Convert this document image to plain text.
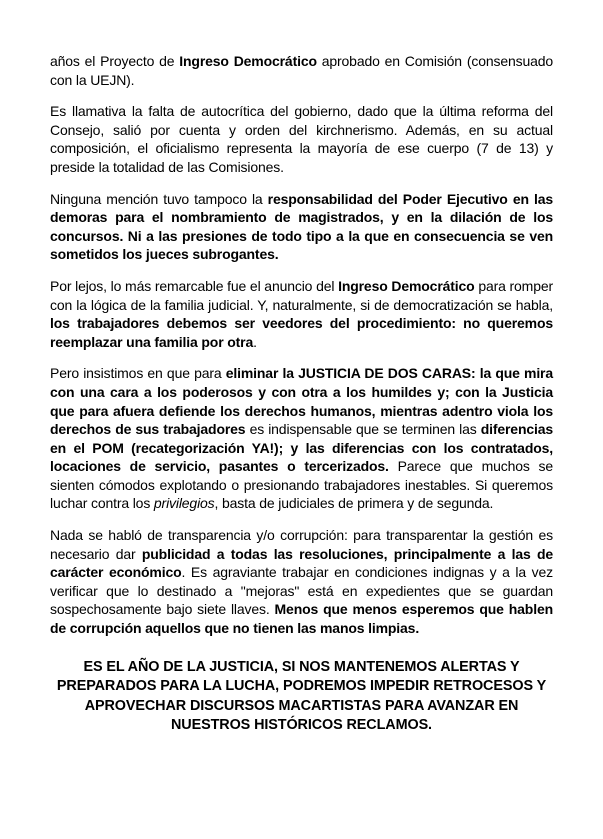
años el Proyecto de Ingreso Democrático aprobado en Comisión (consensuado con la UEJN).

Es llamativa la falta de autocrítica del gobierno, dado que la última reforma del Consejo, salió por cuenta y orden del kirchnerismo. Además, en su actual composición, el oficialismo representa la mayoría de ese cuerpo (7 de 13) y preside la totalidad de las Comisiones.

Ninguna mención tuvo tampoco la responsabilidad del Poder Ejecutivo en las demoras para el nombramiento de magistrados, y en la dilación de los concursos. Ni a las presiones de todo tipo a la que en consecuencia se ven sometidos los jueces subrogantes.

Por lejos, lo más remarcable fue el anuncio del Ingreso Democrático para romper con la lógica de la familia judicial. Y, naturalmente, si de democratización se habla, los trabajadores debemos ser veedores del procedimiento: no queremos reemplazar una familia por otra.

Pero insistimos en que para eliminar la JUSTICIA DE DOS CARAS: la que mira con una cara a los poderosos y con otra a los humildes y; con la Justicia que para afuera defiende los derechos humanos, mientras adentro viola los derechos de sus trabajadores es indispensable que se terminen las diferencias en el POM (recategorización YA!); y las diferencias con los contratados, locaciones de servicio, pasantes o tercerizados. Parece que muchos se sienten cómodos explotando o presionando trabajadores inestables. Si queremos luchar contra los privilegios, basta de judiciales de primera y de segunda.

Nada se habló de transparencia y/o corrupción: para transparentar la gestión es necesario dar publicidad a todas las resoluciones, principalmente a las de carácter económico. Es agraviante trabajar en condiciones indignas y a la vez verificar que lo destinado a "mejoras" está en expedientes que se guardan sospechosamente bajo siete llaves. Menos que menos esperemos que hablen de corrupción aquellos que no tienen las manos limpias.

ES EL AÑO DE LA JUSTICIA, SI NOS MANTENEMOS ALERTAS Y PREPARADOS PARA LA LUCHA, PODREMOS IMPEDIR RETROCESOS Y APROVECHAR DISCURSOS MACARTISTAS PARA AVANZAR EN NUESTROS HISTÓRICOS RECLAMOS.
